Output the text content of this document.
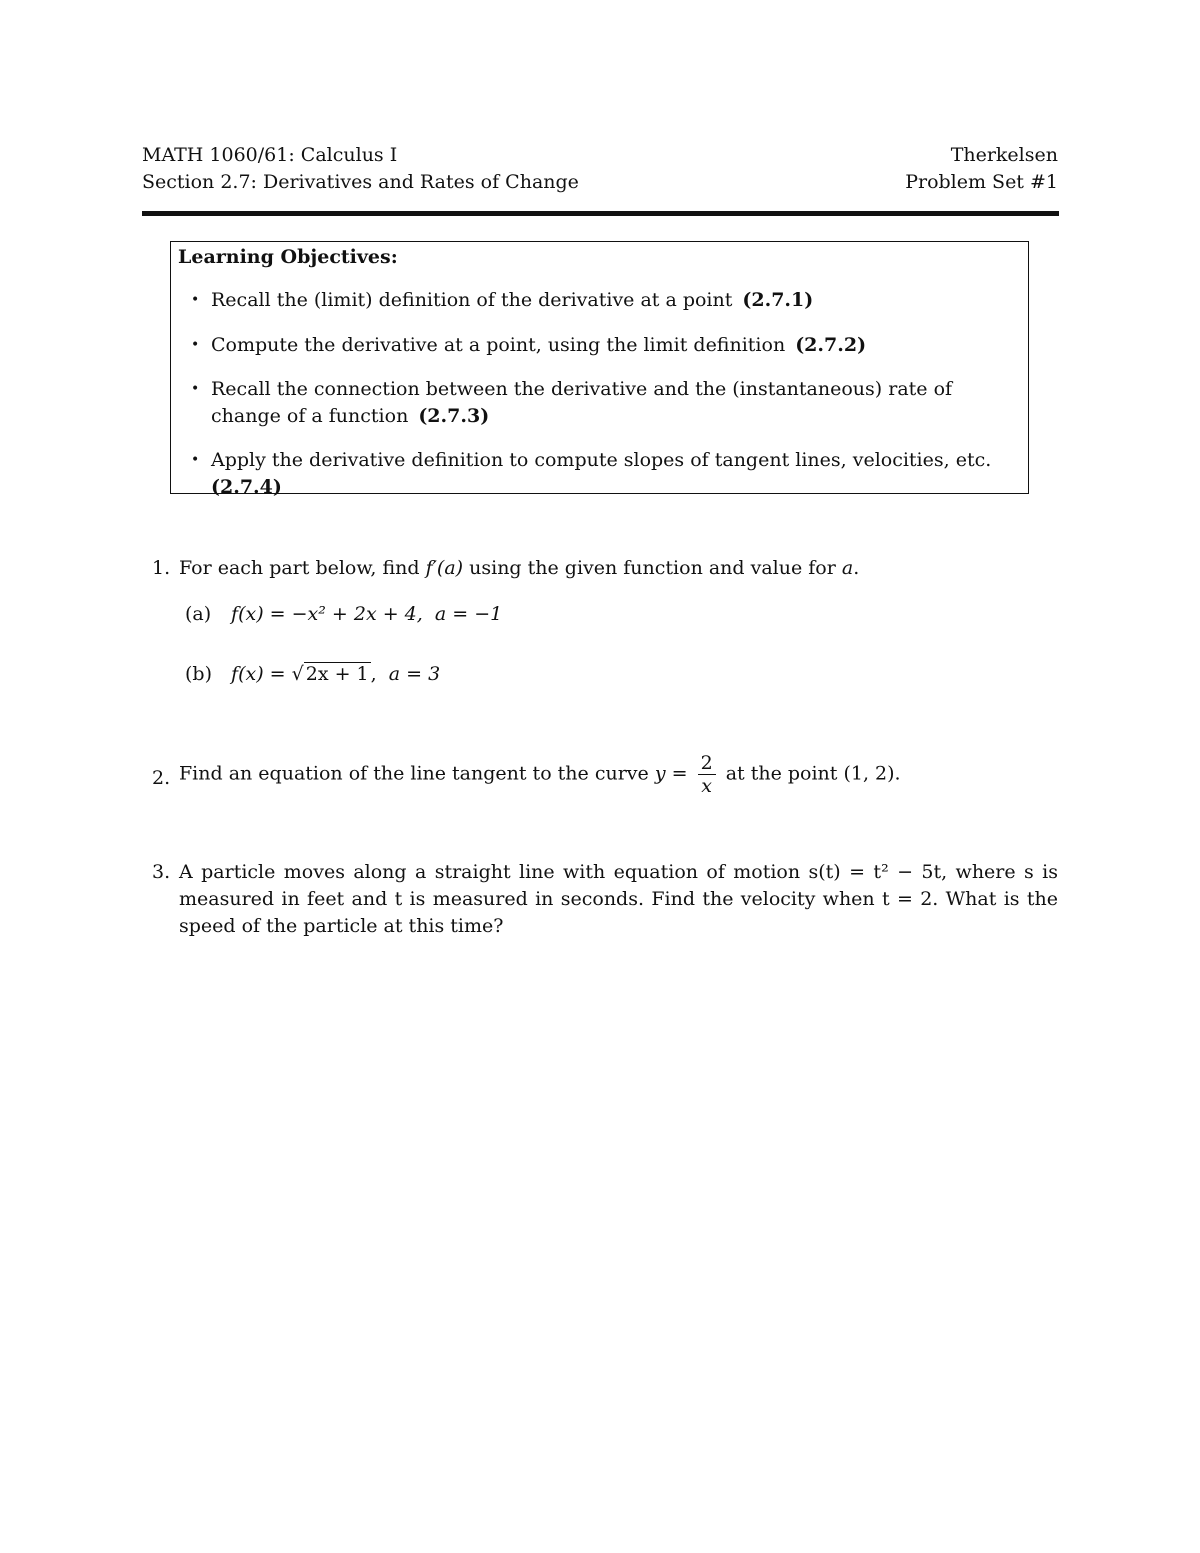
MATH 1060/61: Calculus I	Therkelsen
Section 2.7: Derivatives and Rates of Change	Problem Set #1
Learning Objectives:
• Recall the (limit) definition of the derivative at a point (2.7.1)
• Compute the derivative at a point, using the limit definition (2.7.2)
• Recall the connection between the derivative and the (instantaneous) rate of change of a function (2.7.3)
• Apply the derivative definition to compute slopes of tangent lines, velocities, etc.(2.7.4)
1. For each part below, find f′(a) using the given function and value for a.
(a) f(x) = −x² + 2x + 4, a = −1
(b) f(x) = √ 2x + 1 , a = 3
2. Find an equation of the line tangent to the curve $y = \frac{2}{x}$ at the point (1, 2).
3. A particle moves along a straight line with equation of motion s(t) = t² − 5t, where s is measured in feet and t is measured in seconds. Find the velocity when t = 2. What is the speed of the particle at this time?
